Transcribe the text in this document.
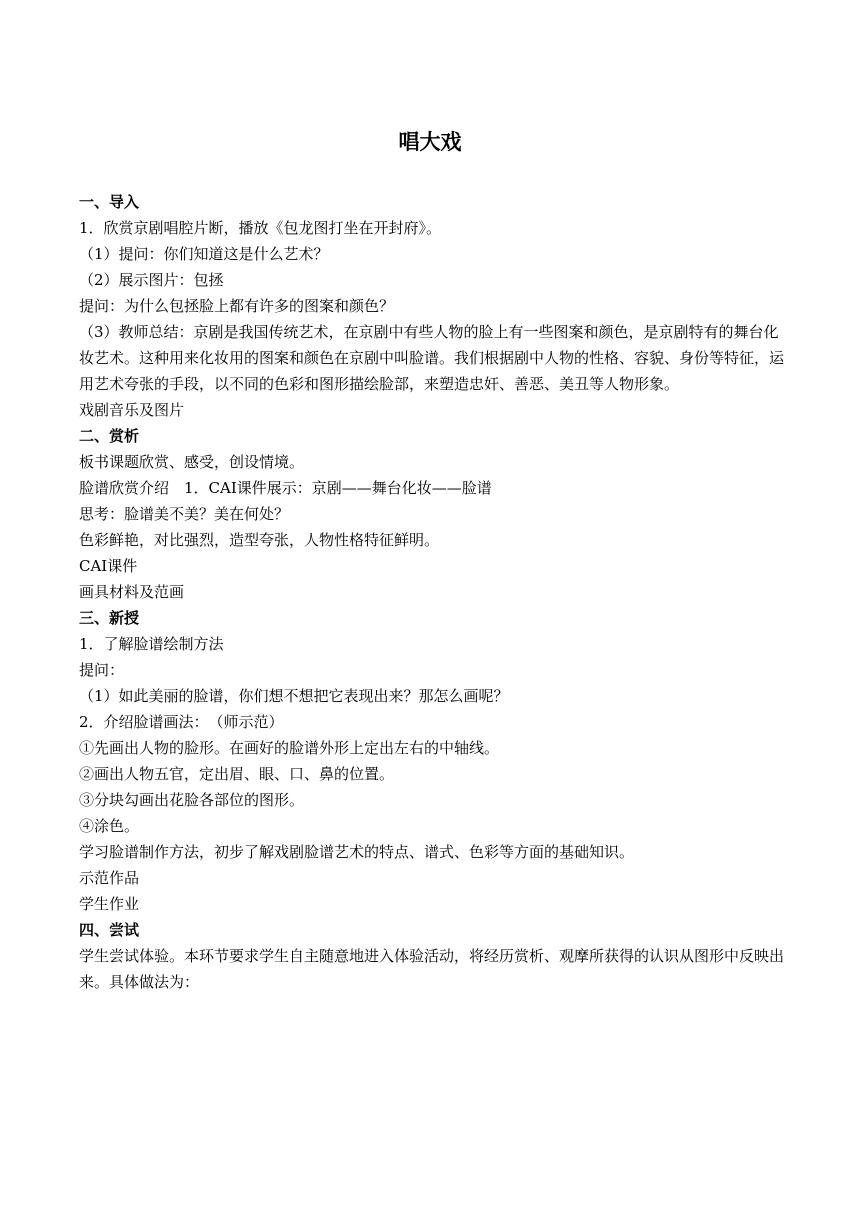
唱大戏

一、导入

1．欣赏京剧唱腔片断，播放《包龙图打坐在开封府》。

（1）提问：你们知道这是什么艺术？

（2）展示图片：包拯

提问：为什么包拯脸上都有许多的图案和颜色？

（3）教师总结：京剧是我国传统艺术，在京剧中有些人物的脸上有一些图案和颜色，是京剧特有的舞台化妆艺术。这种用来化妆用的图案和颜色在京剧中叫脸谱。我们根据剧中人物的性格、容貌、身份等特征，运用艺术夸张的手段，以不同的色彩和图形描绘脸部，来塑造忠奸、善恶、美丑等人物形象。

戏剧音乐及图片

二、赏析

板书课题欣赏、感受，创设情境。

脸谱欣赏介绍　1．CAI课件展示：京剧——舞台化妆——脸谱

思考：脸谱美不美？美在何处？

色彩鲜艳，对比强烈，造型夸张，人物性格特征鲜明。

CAI课件

画具材料及范画

三、新授

1．了解脸谱绘制方法

提问：

（1）如此美丽的脸谱，你们想不想把它表现出来？那怎么画呢？

2．介绍脸谱画法：　（师示范）

①先画出人物的脸形。在画好的脸谱外形上定出左右的中轴线。

②画出人物五官，定出眉、眼、口、鼻的位置。

③分块勾画出花脸各部位的图形。

④涂色。

学习脸谱制作方法，初步了解戏剧脸谱艺术的特点、谱式、色彩等方面的基础知识。

示范作品

学生作业

四、尝试

学生尝试体验。本环节要求学生自主随意地进入体验活动，将经历赏析、观摩所获得的认识从图形中反映出来。具体做法为：
